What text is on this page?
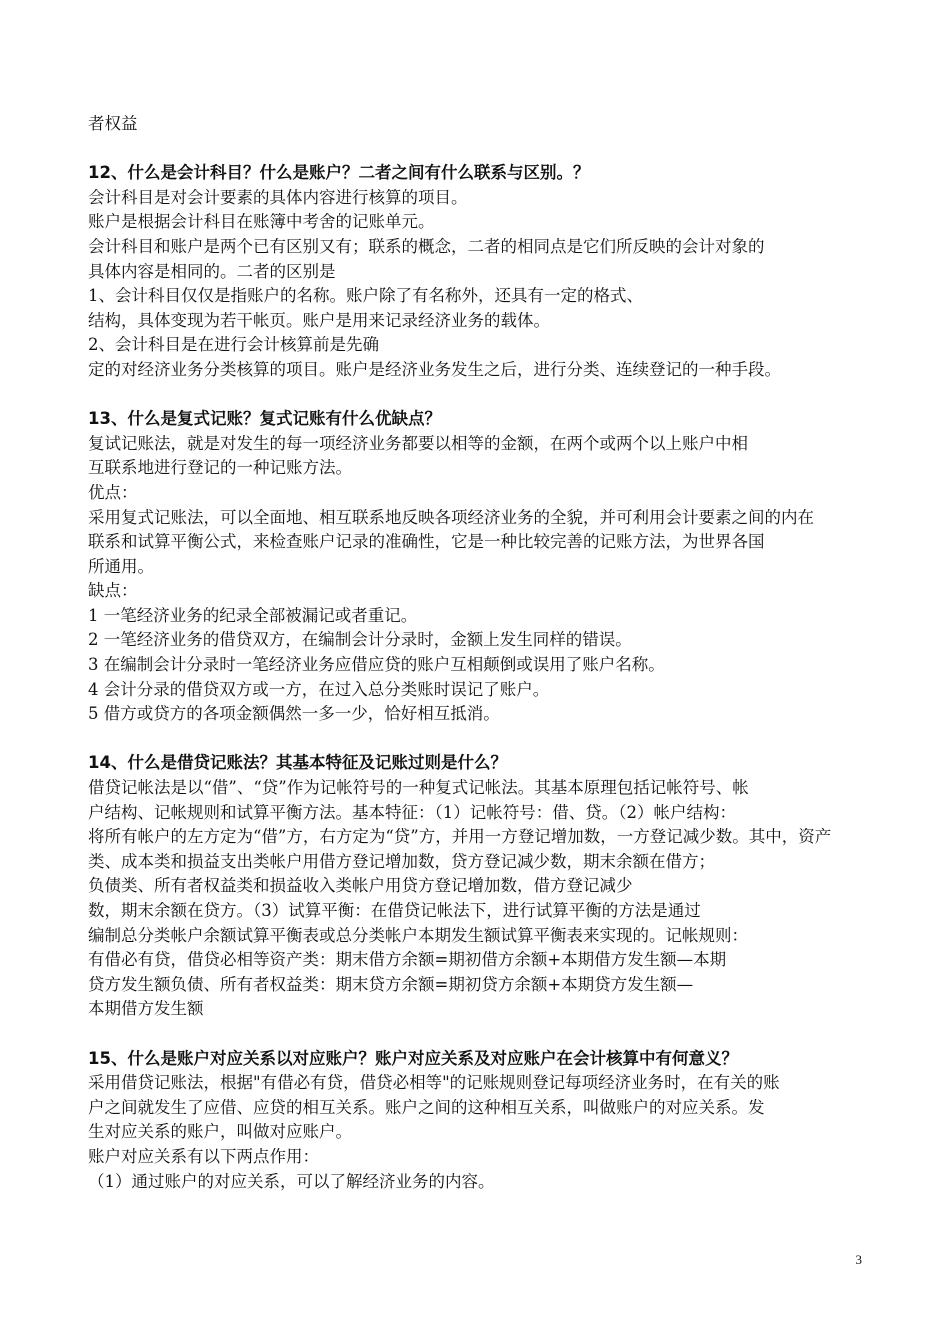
者权益

12、什么是会计科目？什么是账户？二者之间有什么联系与区别。？

会计科目是对会计要素的具体内容进行核算的项目。

账户是根据会计科目在账簿中考舍的记账单元。

会计科目和账户是两个已有区别又有；联系的概念，二者的相同点是它们所反映的会计对象的

具体内容是相同的。二者的区别是

1、会计科目仅仅是指账户的名称。账户除了有名称外，还具有一定的格式、

结构，具体变现为若干帐页。账户是用来记录经济业务的载体。

2、会计科目是在进行会计核算前是先确

定的对经济业务分类核算的项目。账户是经济业务发生之后，进行分类、连续登记的一种手段。

13、什么是复式记账？复式记账有什么优缺点？

复试记账法，就是对发生的每一项经济业务都要以相等的金额，在两个或两个以上账户中相

互联系地进行登记的一种记账方法。

优点：

采用复式记账法，可以全面地、相互联系地反映各项经济业务的全貌，并可利用会计要素之间的内在

联系和试算平衡公式，来检查账户记录的准确性，它是一种比较完善的记账方法，为世界各国

所通用。

缺点：

1 一笔经济业务的纪录全部被漏记或者重记。

2 一笔经济业务的借贷双方，在编制会计分录时，金额上发生同样的错误。

3 在编制会计分录时一笔经济业务应借应贷的账户互相颠倒或误用了账户名称。

4 会计分录的借贷双方或一方，在过入总分类账时误记了账户。

5 借方或贷方的各项金额偶然一多一少，恰好相互抵消。

14、什么是借贷记账法？其基本特征及记账过则是什么？

借贷记帐法是以“借”、“贷”作为记帐符号的一种复式记帐法。其基本原理包括记帐符号、帐

户结构、记帐规则和试算平衡方法。基本特征：（1）记帐符号：借、贷。（2）帐户结构：

将所有帐户的左方定为“借”方，右方定为“贷”方，并用一方登记增加数，一方登记减少数。其中，资产

类、成本类和损益支出类帐户用借方登记增加数，贷方登记减少数，期末余额在借方；

负债类、所有者权益类和损益收入类帐户用贷方登记增加数，借方登记减少

数，期末余额在贷方。（3）试算平衡：在借贷记帐法下，进行试算平衡的方法是通过

编制总分类帐户余额试算平衡表或总分类帐户本期发生额试算平衡表来实现的。记帐规则：

有借必有贷，借贷必相等资产类：期末借方余额=期初借方余额+本期借方发生额—本期

贷方发生额负债、所有者权益类：期末贷方余额=期初贷方余额+本期贷方发生额—

本期借方发生额

15、什么是账户对应关系以对应账户？账户对应关系及对应账户在会计核算中有何意义？

采用借贷记账法，根据"有借必有贷，借贷必相等"的记账规则登记每项经济业务时，在有关的账

户之间就发生了应借、应贷的相互关系。账户之间的这种相互关系，叫做账户的对应关系。发

生对应关系的账户，叫做对应账户。

账户对应关系有以下两点作用：

（1）通过账户的对应关系，可以了解经济业务的内容。

3
